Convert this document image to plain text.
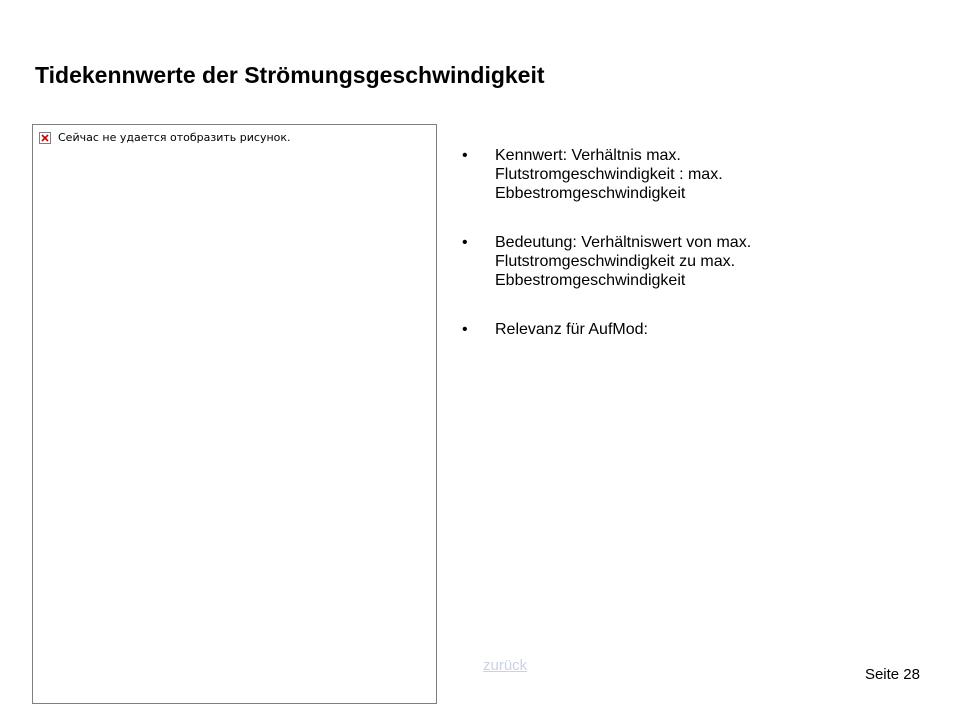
Tidekennwerte der Strömungsgeschwindigkeit
Сейчас не удается отобразить рисунок.
• Kennwert: Verhältnis max. Flutstromgeschwindigkeit : max. Ebbestromgeschwindigkeit
• Bedeutung: Verhältniswert von max. Flutstromgeschwindigkeit zu max. Ebbestromgeschwindigkeit
• Relevanz für AufMod:
zurück
Seite 28
